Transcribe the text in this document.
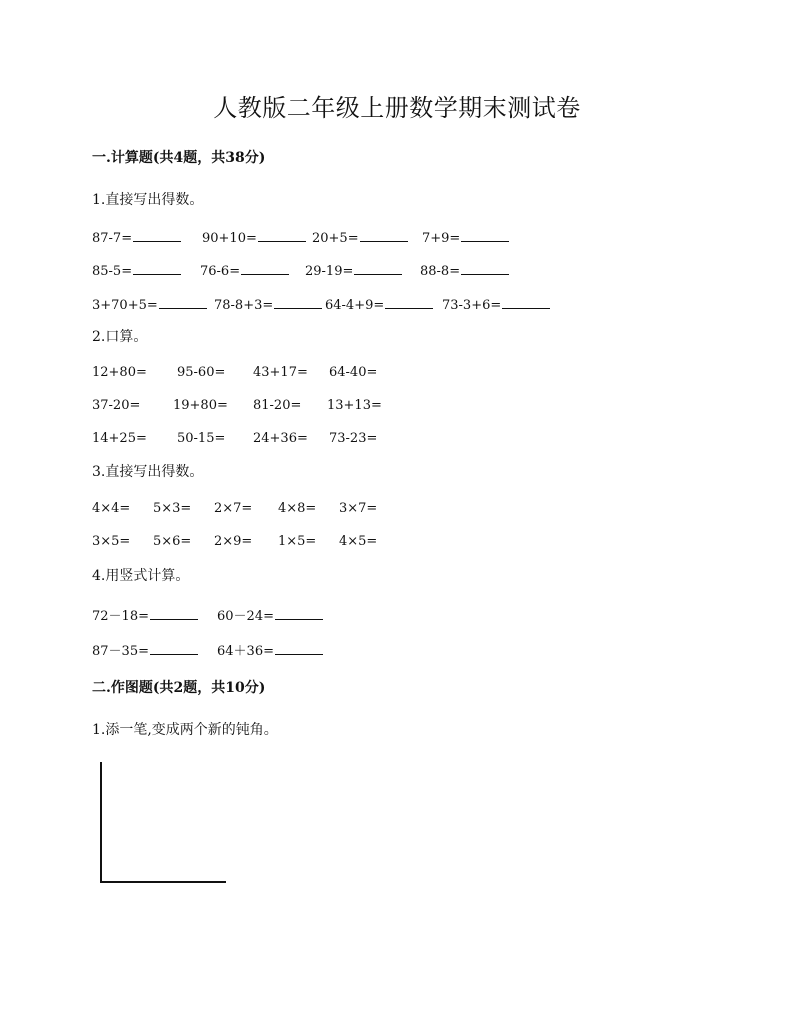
人教版二年级上册数学期末测试卷
一.计算题(共4题，共38分)
1.直接写出得数。
87-7=	90+10=	20+5=	7+9=
85-5=	76-6=	29-19=	88-8=
3+70+5=	78-8+3=	64-4+9=	73-3+6=
2.口算。
12+80= 95-60= 43+17= 64-40=
37-20=	19+80= 81-20= 13+13=
14+25= 50-15= 24+36= 73-23=
3.直接写出得数。
4×4= 5×3= 2×7= 4×8= 3×7=
3×5= 5×6= 2×9= 1×5= 4×5=
4.用竖式计算。
72－18=	60－24=
87－35=	64＋36=
二.作图题(共2题，共10分)
1.添一笔,变成两个新的钝角。
